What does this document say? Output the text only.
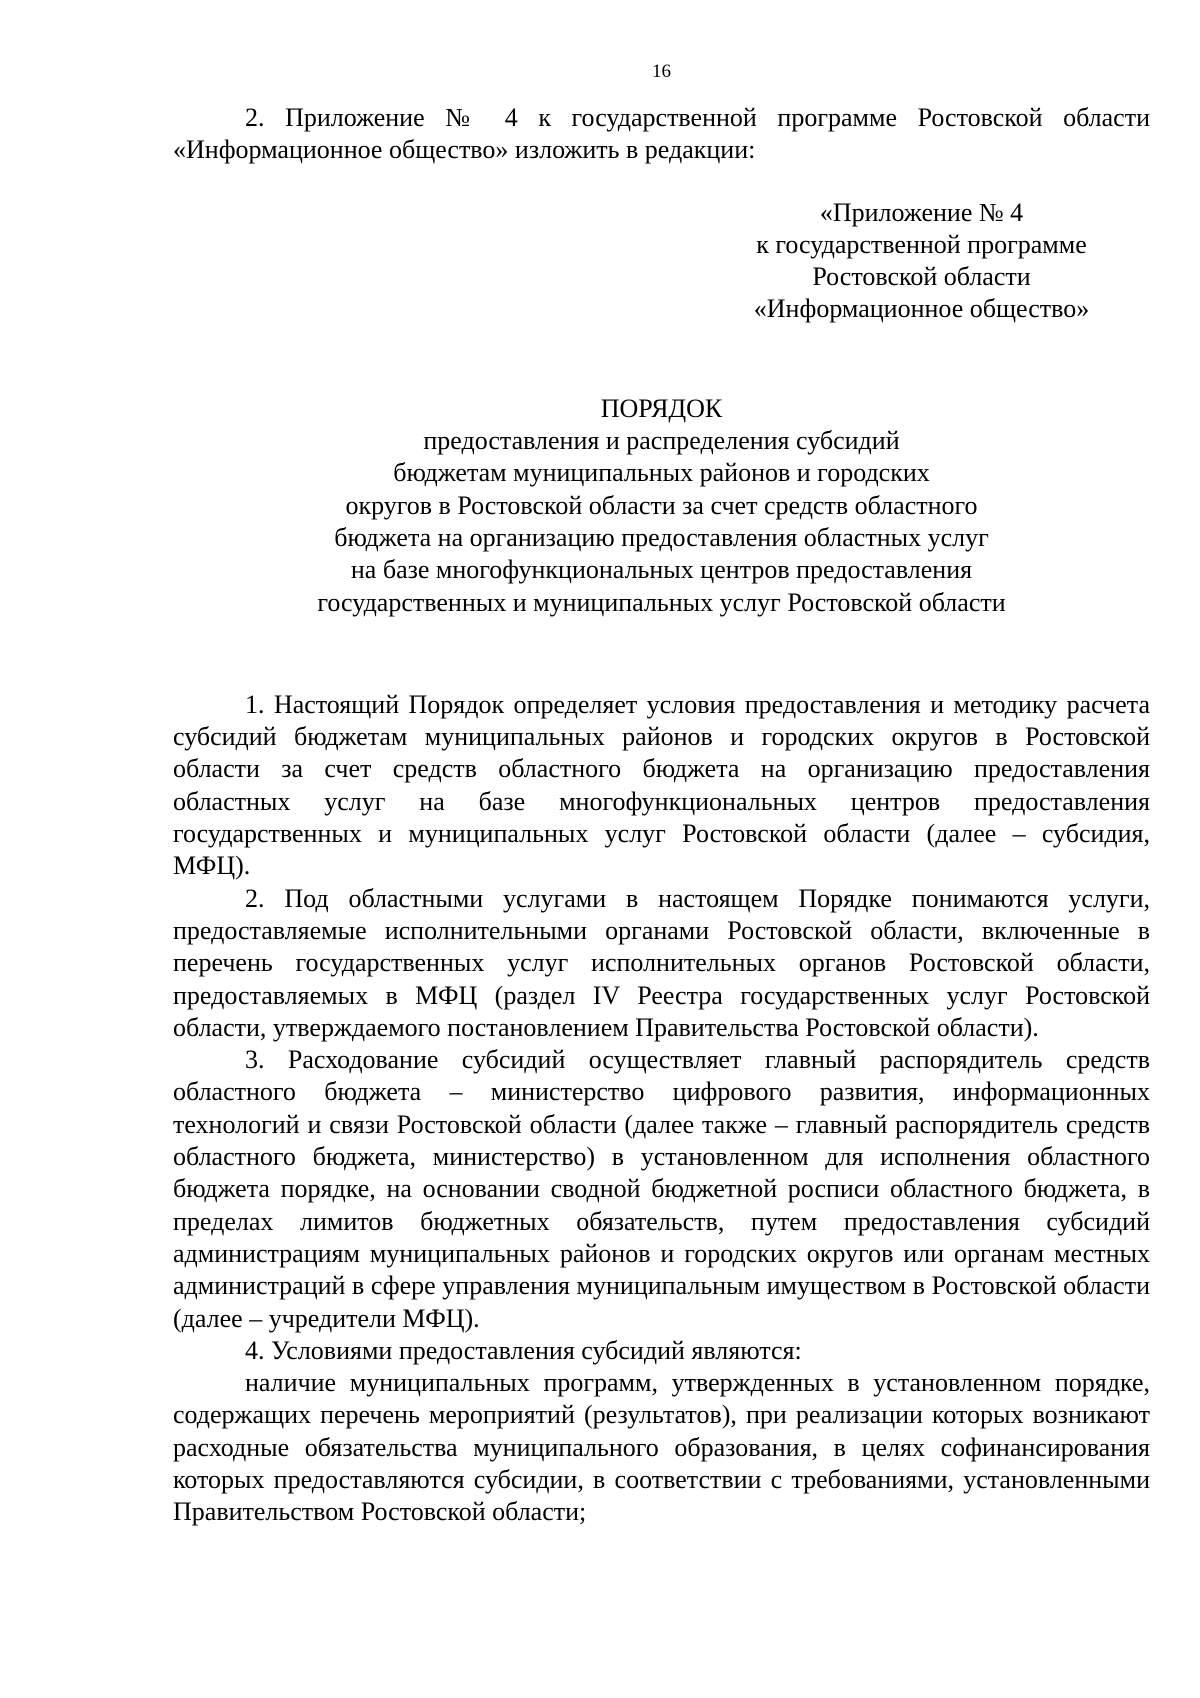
16

2. Приложение № 4 к государственной программе Ростовской области «Информационное общество» изложить в редакции:

«Приложение № 4

к государственной программе

Ростовской области

«Информационное общество»

ПОРЯДОК

предоставления и распределения субсидий

бюджетам муниципальных районов и городских

округов в Ростовской области за счет средств областного

бюджета на организацию предоставления областных услуг

на базе многофункциональных центров предоставления

государственных и муниципальных услуг Ростовской области

1. Настоящий Порядок определяет условия предоставления и методику расчета субсидий бюджетам муниципальных районов и городских округов в Ростовской области за счет средств областного бюджета на организацию предоставления областных услуг на базе многофункциональных центров предоставления государственных и муниципальных услуг Ростовской области (далее – субсидия, МФЦ).

2. Под областными услугами в настоящем Порядке понимаются услуги, предоставляемые исполнительными органами Ростовской области, включенные в перечень государственных услуг исполнительных органов Ростовской области, предоставляемых в МФЦ (раздел IV Реестра государственных услуг Ростовской области, утверждаемого постановлением Правительства Ростовской области).

3. Расходование субсидий осуществляет главный распорядитель средств областного бюджета – министерство цифрового развития, информационных технологий и связи Ростовской области (далее также – главный распорядитель средств областного бюджета, министерство) в установленном для исполнения областного бюджета порядке, на основании сводной бюджетной росписи областного бюджета, в пределах лимитов бюджетных обязательств, путем предоставления субсидий администрациям муниципальных районов и городских округов или органам местных администраций в сфере управления муниципальным имуществом в Ростовской области (далее – учредители МФЦ).

4. Условиями предоставления субсидий являются:

наличие муниципальных программ, утвержденных в установленном порядке, содержащих перечень мероприятий (результатов), при реализации которых возникают расходные обязательства муниципального образования, в целях софинансирования которых предоставляются субсидии, в соответствии с требованиями, установленными Правительством Ростовской области;
